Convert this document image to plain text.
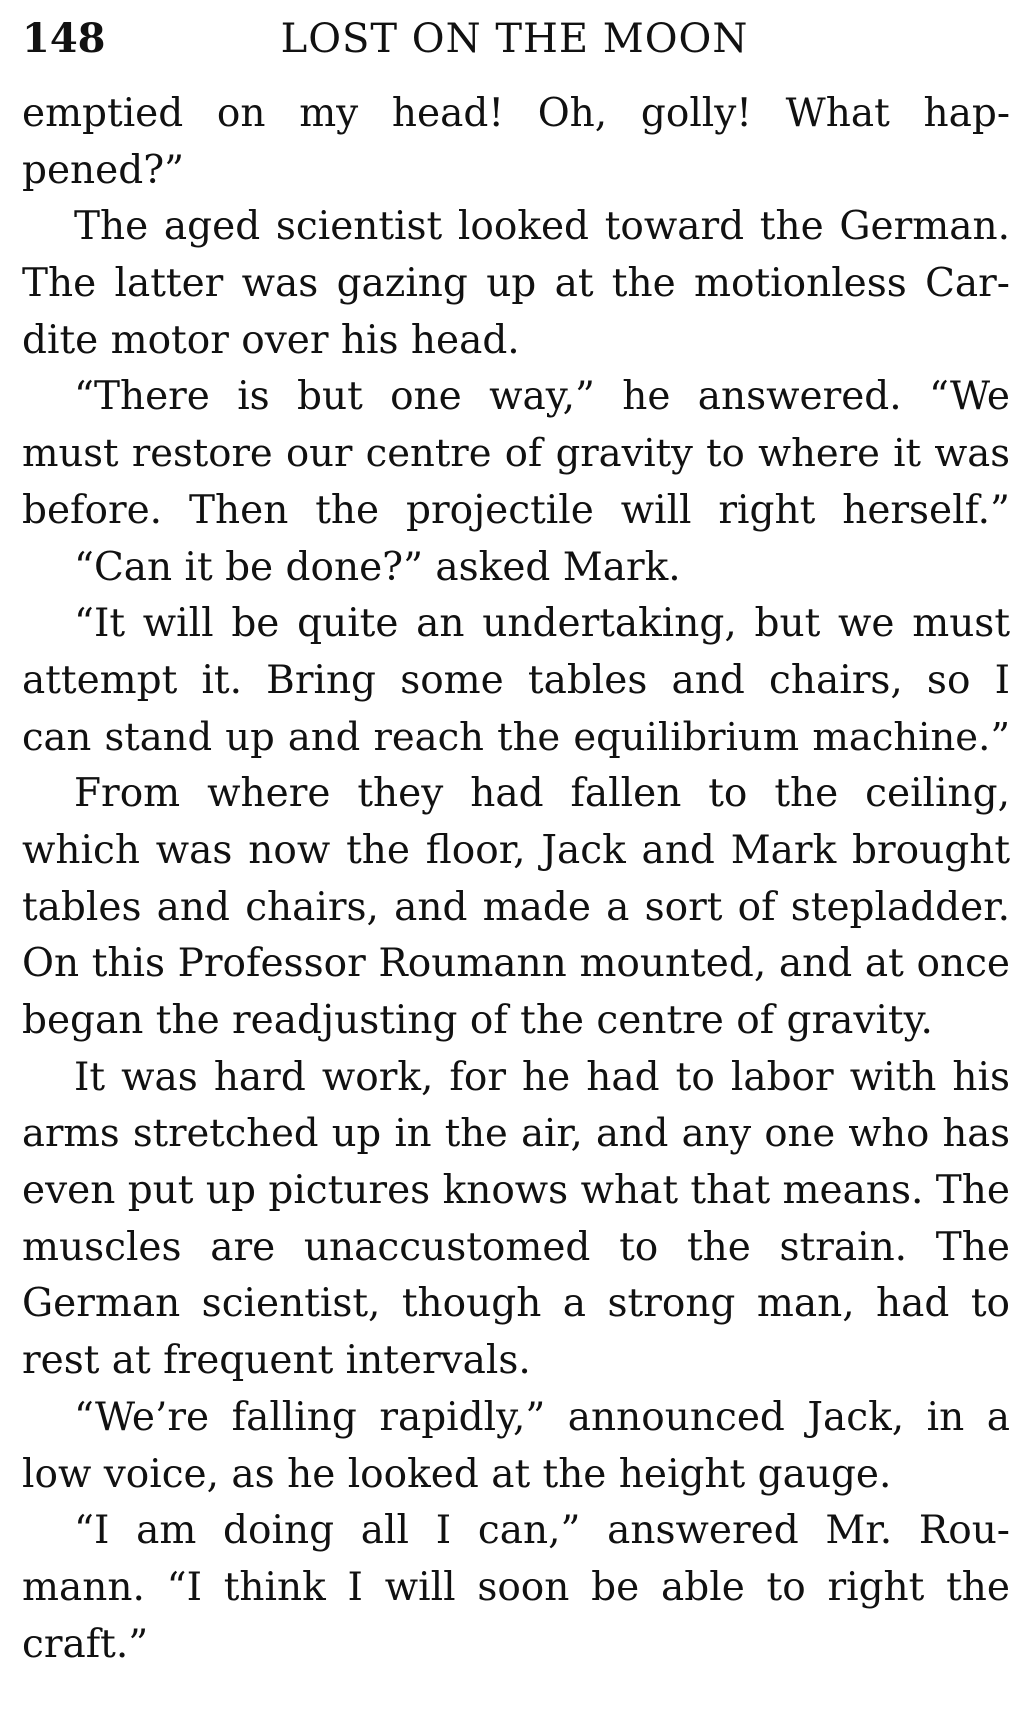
148	LOST ON THE MOON
emptied on my head! Oh, golly! What hap-
pened?”
The aged scientist looked toward the German.
The latter was gazing up at the motionless Car-
dite motor over his head.
“There is but one way,” he answered. “We
must restore our centre of gravity to where it was
before. Then the projectile will right herself.”
“Can it be done?” asked Mark.
“It will be quite an undertaking, but we must
attempt it. Bring some tables and chairs, so I
can stand up and reach the equilibrium machine.”
From where they had fallen to the ceiling,
which was now the floor, Jack and Mark brought
tables and chairs, and made a sort of stepladder.
On this Professor Roumann mounted, and at once
began the readjusting of the centre of gravity.
It was hard work, for he had to labor with his
arms stretched up in the air, and any one who has
even put up pictures knows what that means. The
muscles are unaccustomed to the strain. The
German scientist, though a strong man, had to
rest at frequent intervals.
“We’re falling rapidly,” announced Jack, in a
low voice, as he looked at the height gauge.
“I am doing all I can,” answered Mr. Rou-
mann. “I think I will soon be able to right the
craft.”
